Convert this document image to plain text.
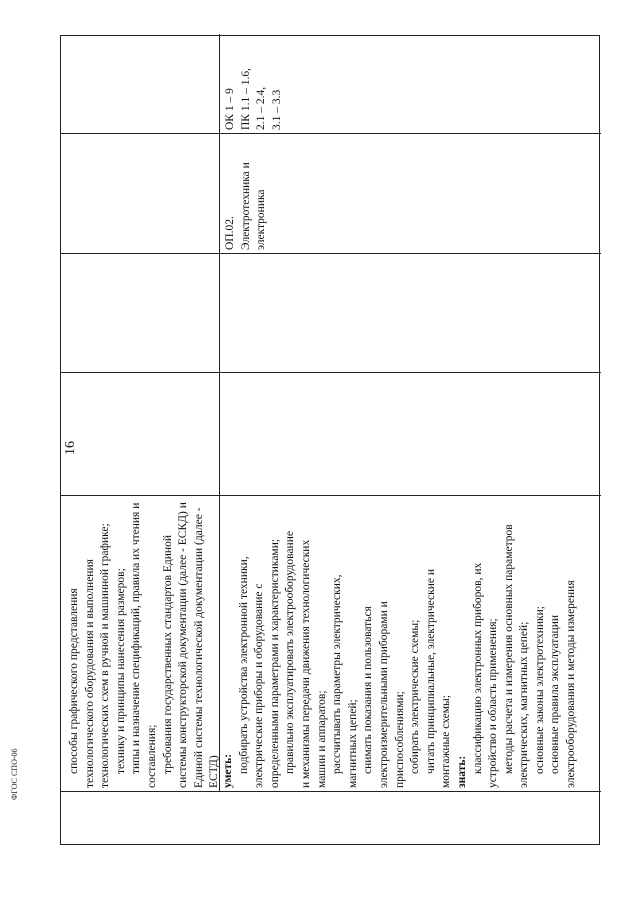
способы графического представления технологического оборудования и выполнения технологических схем в ручной и машинной графике; технику и принципы нанесения размеров; типы и назначение спецификаций, правила их чтения и составления; требования государственных стандартов Единой системы конструкторской документации (далее - ЕСКД) и Единой системы технологической документации (далее - ЕСТД) уметь: подбирать устройства электронной техники, электрические приборы и оборудование с определенными параметрами и характеристиками; правильно эксплуатировать электрооборудование и механизмы передачи движения технологических машин и аппаратов; рассчитывать параметры электрических, магнитных цепей; снимать показания и пользоваться электроизмерительными приборами и приспособлениями; собирать электрические схемы; читать принципиальные, электрические и монтажные схемы; знать: классификацию электронных приборов, их устройство и область применения; методы расчета и измерения основных параметров электрических, магнитных цепей; основные законы электротехники; основные правила эксплуатации электрооборудования и методы измерения

ОП.02. Электротехника и электроника

ОК 1 – 9 ПК 1.1 – 1.6, 2.1 – 2.4, 3.1 – 3.3

16
ФГОС СПО-06
